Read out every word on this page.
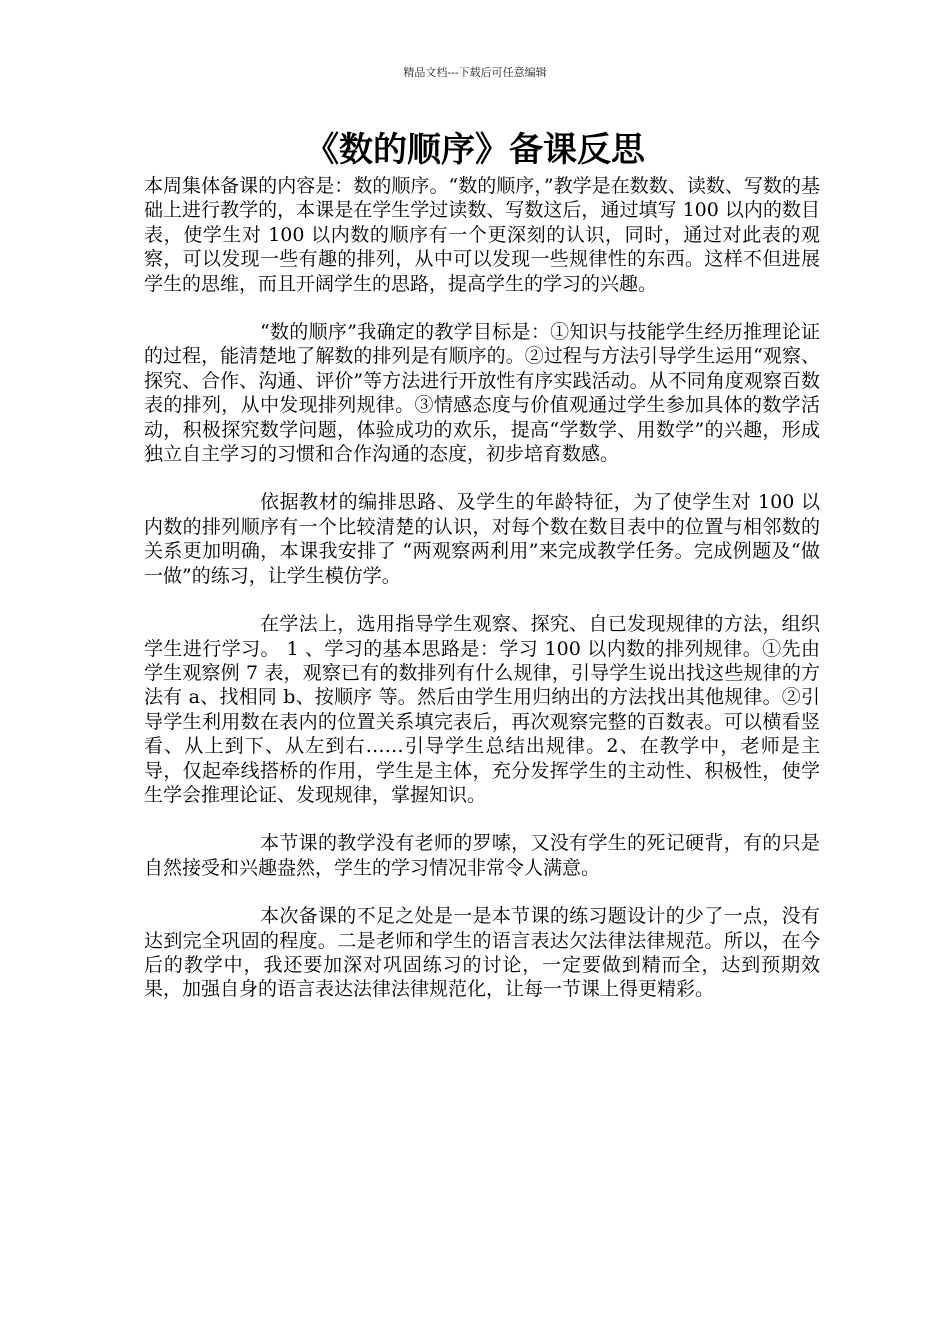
精品文档---下载后可任意编辑
《数的顺序》备课反思

本周集体备课的内容是：数的顺序。“数的顺序，”教学是在数数、读数、写数的基础上进行教学的，本课是在学生学过读数、写数这后，通过填写 100 以内的数目表，使学生对 100 以内数的顺序有一个更深刻的认识，同时，通过对此表的观察，可以发现一些有趣的排列，从中可以发现一些规律性的东西。这样不但进展学生的思维，而且开阔学生的思路，提高学生的学习的兴趣。

“数的顺序”我确定的教学目标是：①知识与技能学生经历推理论证的过程，能清楚地了解数的排列是有顺序的。②过程与方法引导学生运用“观察、探究、合作、沟通、评价”等方法进行开放性有序实践活动。从不同角度观察百数表的排列，从中发现排列规律。③情感态度与价值观通过学生参加具体的数学活动，积极探究数学问题，体验成功的欢乐，提高“学数学、用数学”的兴趣，形成独立自主学习的习惯和合作沟通的态度，初步培育数感。

依据教材的编排思路、及学生的年龄特征，为了使学生对 100 以内数的排列顺序有一个比较清楚的认识，对每个数在数目表中的位置与相邻数的关系更加明确，本课我安排了 “两观察两利用”来完成教学任务。完成例题及“做一做”的练习，让学生模仿学。

在学法上，选用指导学生观察、探究、自已发现规律的方法，组织学生进行学习。 1 、学习的基本思路是：学习 100 以内数的排列规律。①先由学生观察例 7 表，观察已有的数排列有什么规律，引导学生说出找这些规律的方法有 a、找相同 b、按顺序 等。然后由学生用归纳出的方法找出其他规律。②引导学生利用数在表内的位置关系填完表后，再次观察完整的百数表。可以横看竖看、从上到下、从左到右……引导学生总结出规律。2、在教学中，老师是主导，仅起牵线搭桥的作用，学生是主体，充分发挥学生的主动性、积极性，使学生学会推理论证、发现规律，掌握知识。

本节课的教学没有老师的罗嗦，又没有学生的死记硬背，有的只是自然接受和兴趣盎然，学生的学习情况非常令人满意。

本次备课的不足之处是一是本节课的练习题设计的少了一点，没有达到完全巩固的程度。二是老师和学生的语言表达欠法律法律规范。所以，在今后的教学中，我还要加深对巩固练习的讨论，一定要做到精而全，达到预期效果，加强自身的语言表达法律法律规范化，让每一节课上得更精彩。
